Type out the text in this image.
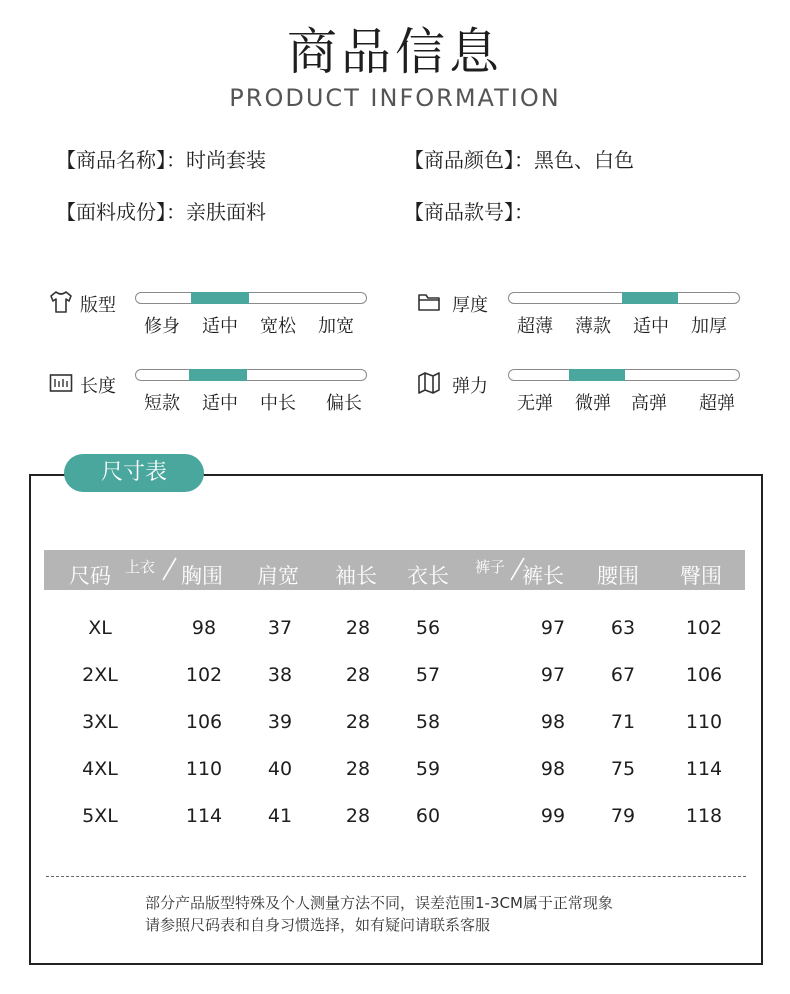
商品信息
PRODUCT INFORMATION
【商品名称】：时尚套装	【商品颜色】：黑色、白色
【面料成份】：亲肤面料	【商品款号】：
版型
修身	适中	宽松	加宽
厚度
超薄	薄款	适中	加厚
长度
短款	适中	中长	偏长
弹力
无弹	微弹	高弹	超弹
尺寸表
尺码 上衣	胸围	肩宽	袖长	衣长	裤子 裤长	腰围	臀围
XL	98	37	28	56	97	63	102
2XL	102	38	28	57	97	67	106
3XL	106	39	28	58	98	71	110
4XL	110	40	28	59	98	75	114
5XL	114	41	28	60	99	79	118
部分产品版型特殊及个人测量方法不同，误差范围1-3CM属于正常现象
请参照尺码表和自身习惯选择，如有疑问请联系客服
